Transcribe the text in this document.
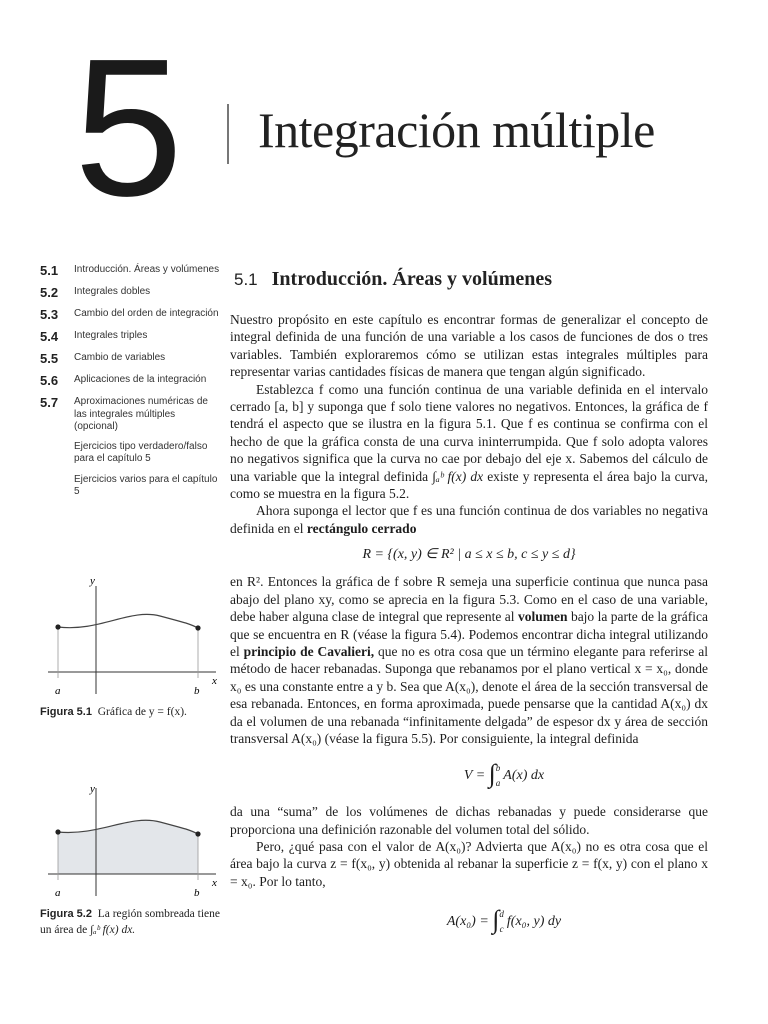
5 Integración múltiple
5.1	Introducción. Áreas y volúmenes
5.2	Integrales dobles
5.3	Cambio del orden de integración
5.4	Integrales triples
5.5	Cambio de variables
5.6	Aplicaciones de la integración
5.7	Aproximaciones numéricas de las integrales múltiples (opcional)
Ejercicios tipo verdadero/falso para el capítulo 5
Ejercicios varios para el capítulo 5
y
x
a	b
Figura 5.1 Gráfica de y = f(x).
y
x
a	b
Figura 5.2 La región sombreada tiene un área de ∫ₐᵇ f(x) dx.
5.1 Introducción. Áreas y volúmenes

Nuestro propósito en este capítulo es encontrar formas de generalizar el concepto de integral definida de una función de una variable a los casos de funciones de dos o tres variables. También exploraremos cómo se utilizan estas integrales múltiples para representar varias cantidades físicas de manera que tengan algún significado.

Establezca f como una función continua de una variable definida en el intervalo cerrado [a, b] y suponga que f solo tiene valores no negativos. Entonces, la gráfica de f tendrá el aspecto que se ilustra en la figura 5.1. Que f es continua se confirma con el hecho de que la gráfica consta de una curva ininterrumpida. Que f solo adopta valores no negativos significa que la curva no cae por debajo del eje x. Sabemos del cálculo de una variable que la integral definida ∫ₐᵇ f(x) dx existe y representa el área bajo la curva, como se muestra en la figura 5.2.

Ahora suponga el lector que f es una función continua de dos variables no negativa definida en el rectángulo cerrado

R = {(x, y) ∈ R² | a ≤ x ≤ b, c ≤ y ≤ d}

en R². Entonces la gráfica de f sobre R semeja una superficie continua que nunca pasa abajo del plano xy, como se aprecia en la figura 5.3. Como en el caso de una variable, debe haber alguna clase de integral que represente al volumen bajo la parte de la gráfica que se encuentra en R (véase la figura 5.4). Podemos encontrar dicha integral utilizando el principio de Cavalieri, que no es otra cosa que un término elegante para referirse al método de hacer rebanadas. Suponga que rebanamos por el plano vertical x = x₀, donde x₀ es una constante entre a y b. Sea que A(x₀), denote el área de la sección transversal de esa rebanada. Entonces, en forma aproximada, puede pensarse que la cantidad A(x₀) dx da el volumen de una rebanada “infinitamente delgada” de espesor dx y área de sección transversal A(x₀) (véase la figura 5.5). Por consiguiente, la integral definida

V = ∫ b
a A(x) dx

da una “suma” de los volúmenes de dichas rebanadas y puede considerarse que proporciona una definición razonable del volumen total del sólido.

Pero, ¿qué pasa con el valor de A(x₀)? Advierta que A(x₀) no es otra cosa que el área bajo la curva z = f(x₀, y) obtenida al rebanar la superficie z = f(x, y) con el plano x = x₀. Por lo tanto,

A(x₀) = ∫ d
c f(x₀, y) dy
